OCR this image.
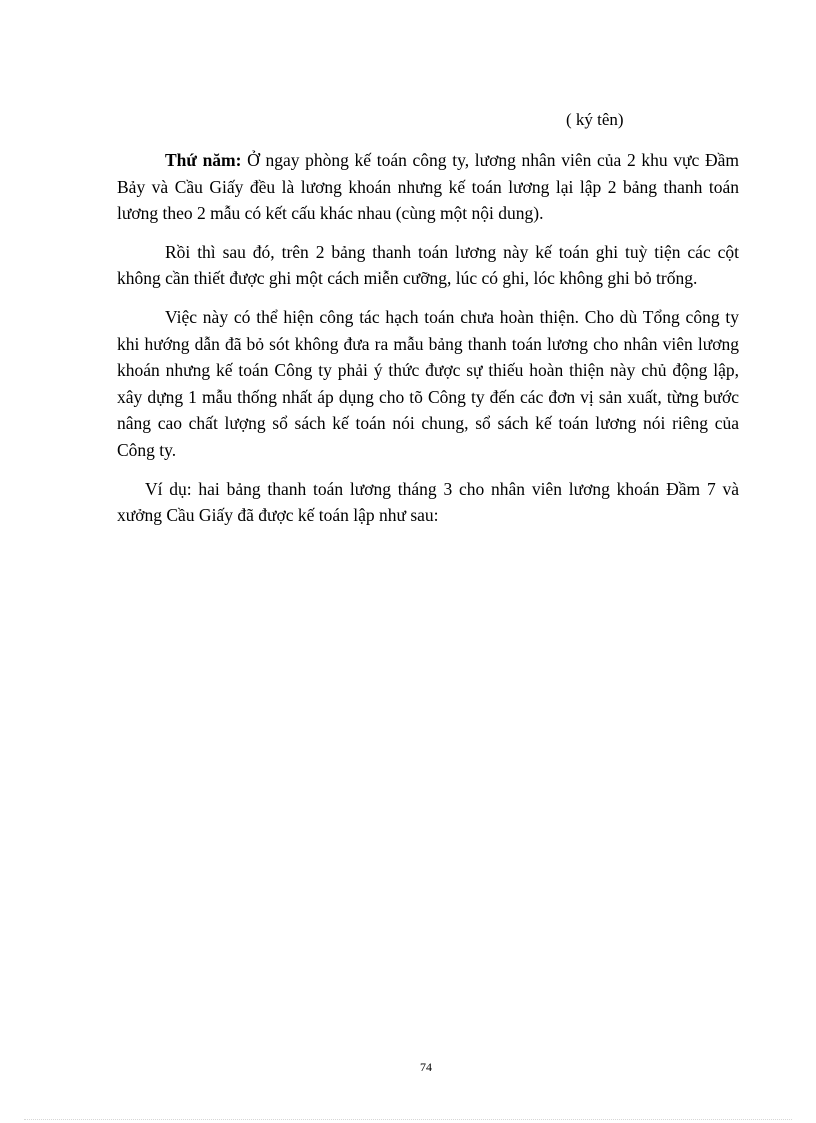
( ký tên)

Thứ năm: Ở ngay phòng kế toán công ty, lương nhân viên của 2 khu vực Đầm Bảy và Cầu Giấy đều là lương khoán nhưng kế toán lương lại lập 2 bảng thanh toán lương theo 2 mẫu có kết cấu khác nhau (cùng một nội dung).

Rồi thì sau đó, trên 2 bảng thanh toán lương này kế toán ghi tuỳ tiện các cột không cần thiết được ghi một cách miễn cưỡng, lúc có ghi, lóc không ghi bỏ trống.

Việc này có thể hiện công tác hạch toán chưa hoàn thiện. Cho dù Tổng công ty khi hướng dẫn đã bỏ sót không đưa ra mẫu bảng thanh toán lương cho nhân viên lương khoán nhưng kế toán Công ty phải ý thức được sự thiếu hoàn thiện này chủ động lập, xây dựng 1 mẫu thống nhất áp dụng cho tõ Công ty đến các đơn vị sản xuất, từng bước nâng cao chất lượng sổ sách kế toán nói chung, sổ sách kế toán lương nói riêng của Công ty.

Ví dụ: hai bảng thanh toán lương tháng 3 cho nhân viên lương khoán Đầm 7 và xưởng Cầu Giấy đã được kế toán lập như sau:

74
